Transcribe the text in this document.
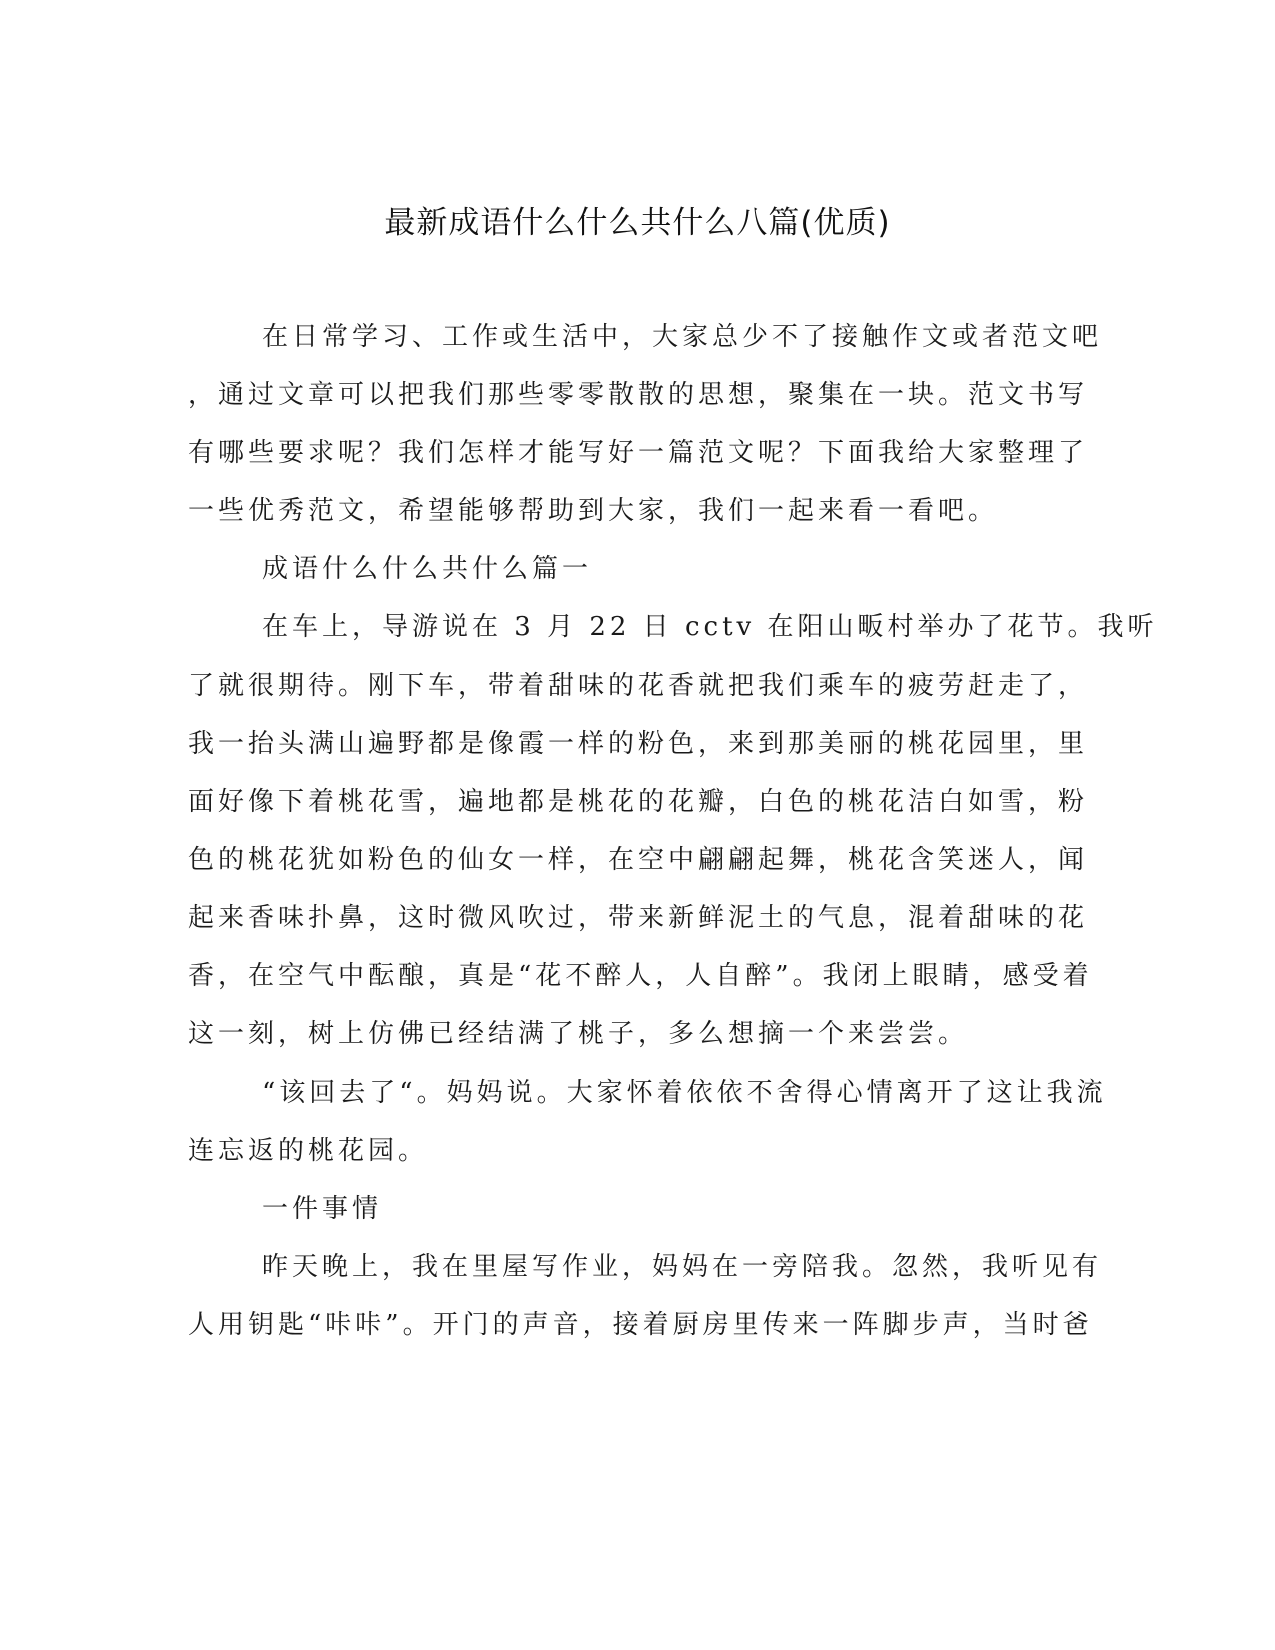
最新成语什么什么共什么八篇(优质)

在日常学习、工作或生活中，大家总少不了接触作文或者范文吧

，通过文章可以把我们那些零零散散的思想，聚集在一块。范文书写

有哪些要求呢？我们怎样才能写好一篇范文呢？下面我给大家整理了

一些优秀范文，希望能够帮助到大家，我们一起来看一看吧。

成语什么什么共什么篇一

在车上，导游说在 3 月 22 日 cctv 在阳山畈村举办了花节。我听

了就很期待。刚下车，带着甜味的花香就把我们乘车的疲劳赶走了，

我一抬头满山遍野都是像霞一样的粉色，来到那美丽的桃花园里，里

面好像下着桃花雪，遍地都是桃花的花瓣，白色的桃花洁白如雪，粉

色的桃花犹如粉色的仙女一样，在空中翩翩起舞，桃花含笑迷人，闻

起来香味扑鼻，这时微风吹过，带来新鲜泥土的气息，混着甜味的花

香，在空气中酝酿，真是“花不醉人，人自醉”。我闭上眼睛，感受着

这一刻，树上仿佛已经结满了桃子，多么想摘一个来尝尝。

“该回去了“。妈妈说。大家怀着依依不舍得心情离开了这让我流

连忘返的桃花园。

一件事情

昨天晚上，我在里屋写作业，妈妈在一旁陪我。忽然，我听见有

人用钥匙“咔咔”。开门的声音，接着厨房里传来一阵脚步声，当时爸
